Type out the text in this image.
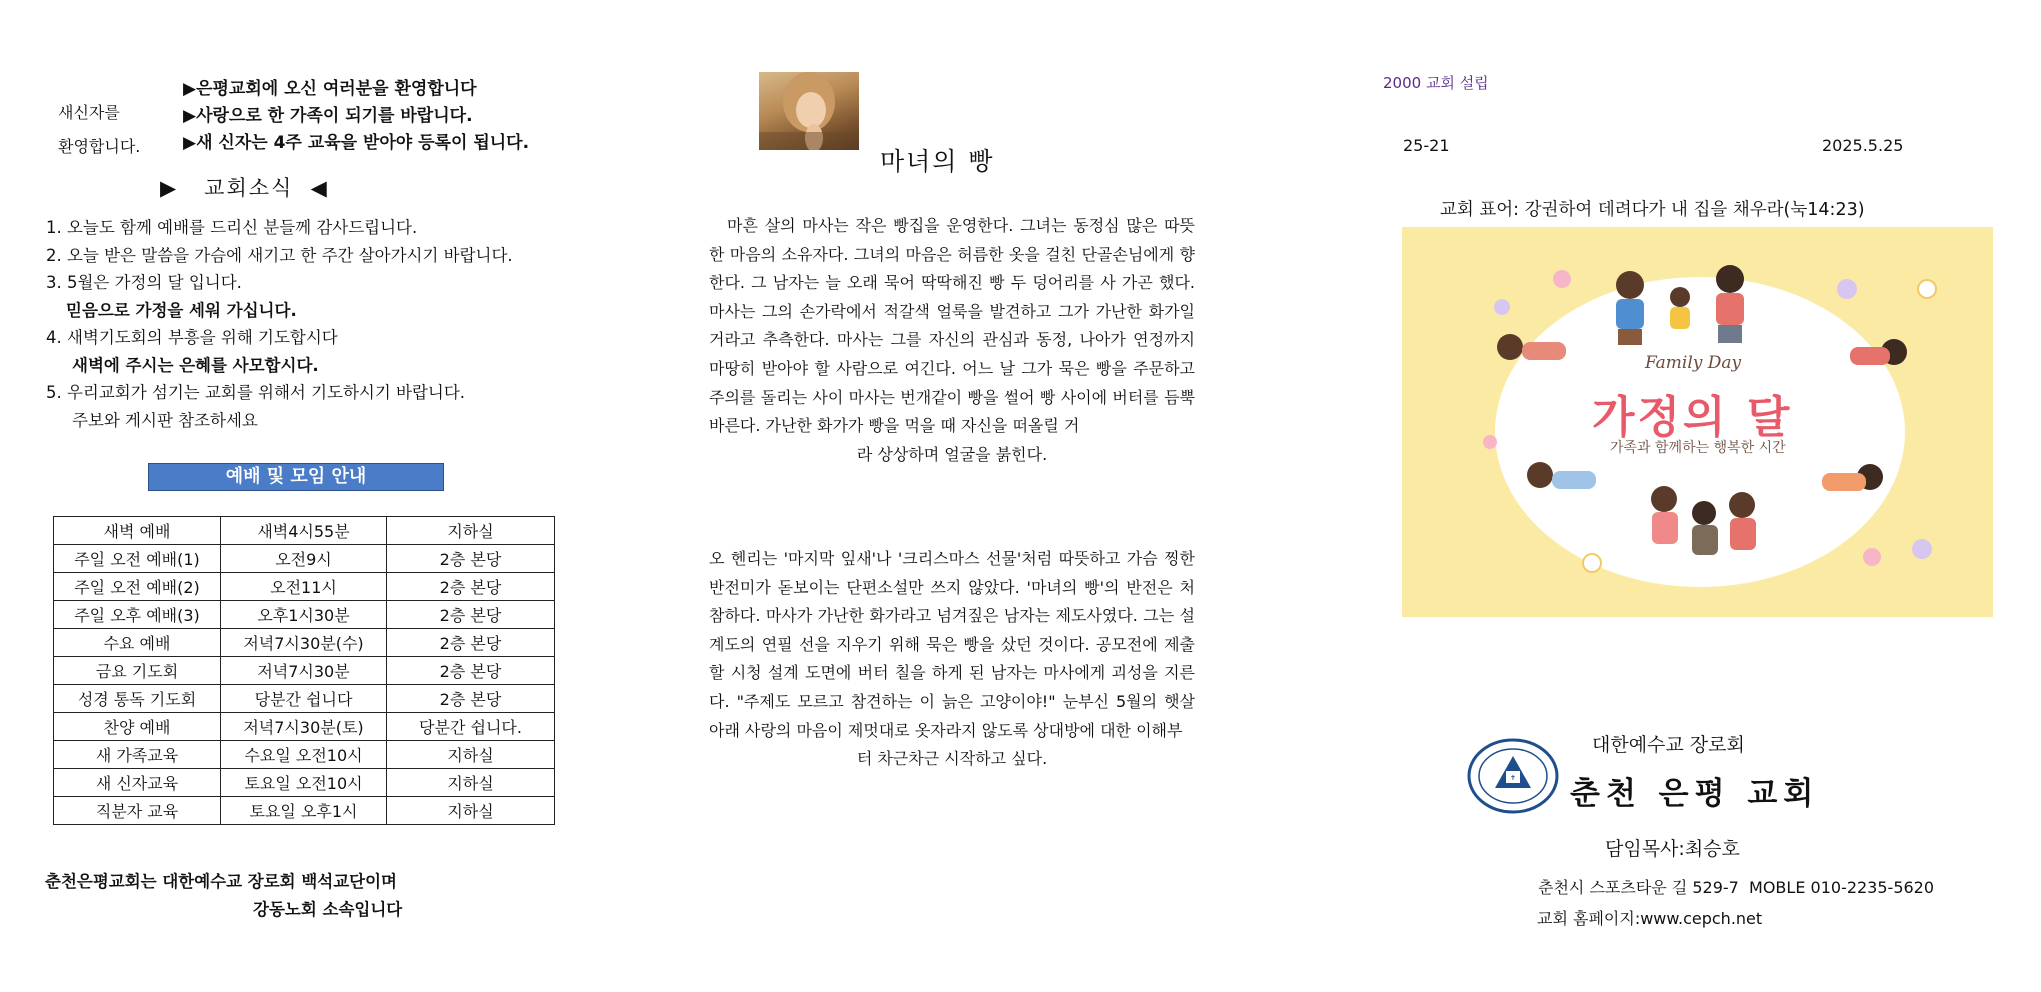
새신자를
환영합니다.
▶은평교회에 오신 여러분을 환영합니다
▶사랑으로 한 가족이 되기를 바랍니다.
▶새 신자는 4주 교육을 받아야 등록이 됩니다.
▶   교회소식  ◀
1. 오늘도 함께 예배를 드리신 분들께 감사드립니다.
2. 오늘 받은 말씀을 가슴에 새기고 한 주간 살아가시기 바랍니다.
3. 5월은 가정의 달 입니다.
믿음으로 가정을 세워 가십니다.
4. 새벽기도회의 부흥을 위해 기도합시다
새벽에 주시는 은혜를 사모합시다.
5. 우리교회가 섬기는 교회를 위해서 기도하시기 바랍니다.
주보와 게시판 참조하세요
예배 및 모임 안내
새벽 예배	새벽4시55분	지하실
주일 오전 예배(1)	오전9시	2층 본당
주일 오전 예배(2)	오전11시	2층 본당
주일 오후 예배(3)	오후1시30분	2층 본당
수요 예배	저녁7시30분(수)	2층 본당
금요 기도회	저녁7시30분	2층 본당
성경 통독 기도회	당분간 쉽니다	2층 본당
찬양 예배	저녁7시30분(토)	당분간 쉽니다.
새 가족교육	수요일 오전10시	지하실
새 신자교육	토요일 오전10시	지하실
직분자 교육	토요일 오후1시	지하실
춘천은평교회는 대한예수교 장로회 백석교단이며
강동노회 소속입니다
마녀의 빵

마흔 살의 마사는 작은 빵집을 운영한다. 그녀는 동정심 많은 따뜻한 마음의 소유자다. 그녀의 마음은 허름한 옷을 걸친 단골손님에게 향한다. 그 남자는 늘 오래 묵어 딱딱해진 빵 두 덩어리를 사 가곤 했다. 마사는 그의 손가락에서 적갈색 얼룩을 발견하고 그가 가난한 화가일 거라고 추측한다. 마사는 그를 자신의 관심과 동정, 나아가 연정까지 마땅히 받아야 할 사람으로 여긴다. 어느 날 그가 묵은 빵을 주문하고 주의를 돌리는 사이 마사는 번개같이 빵을 썰어 빵 사이에 버터를 듬뿍 바른다. 가난한 화가가 빵을 먹을 때 자신을 떠올릴 거

라 상상하며 얼굴을 붉힌다.

오 헨리는 '마지막 잎새'나 '크리스마스 선물'처럼 따뜻하고 가슴 찡한 반전미가 돋보이는 단편소설만 쓰지 않았다. '마녀의 빵'의 반전은 처참하다. 마사가 가난한 화가라고 넘겨짚은 남자는 제도사였다. 그는 설계도의 연필 선을 지우기 위해 묵은 빵을 샀던 것이다. 공모전에 제출할 시청 설계 도면에 버터 칠을 하게 된 남자는 마사에게 괴성을 지른다. "주제도 모르고 참견하는 이 늙은 고양이야!" 눈부신 5월의 햇살 아래 사랑의 마음이 제멋대로 옷자라지 않도록 상대방에 대한 이해부

터 차근차근 시작하고 싶다.
2000 교회 설립
25-21	2025.5.25
교회 표어: 강권하여 데려다가 내 집을 채우라(눅14:23)
Family Day
가정의 달
가족과 함께하는 행복한 시간
✝
대한예수교 장로회
춘천 은평 교회
담임목사:최승호
춘천시 스포츠타운 길 529-7  MOBLE 010-2235-5620
교회 홈페이지:www.cepch.net
